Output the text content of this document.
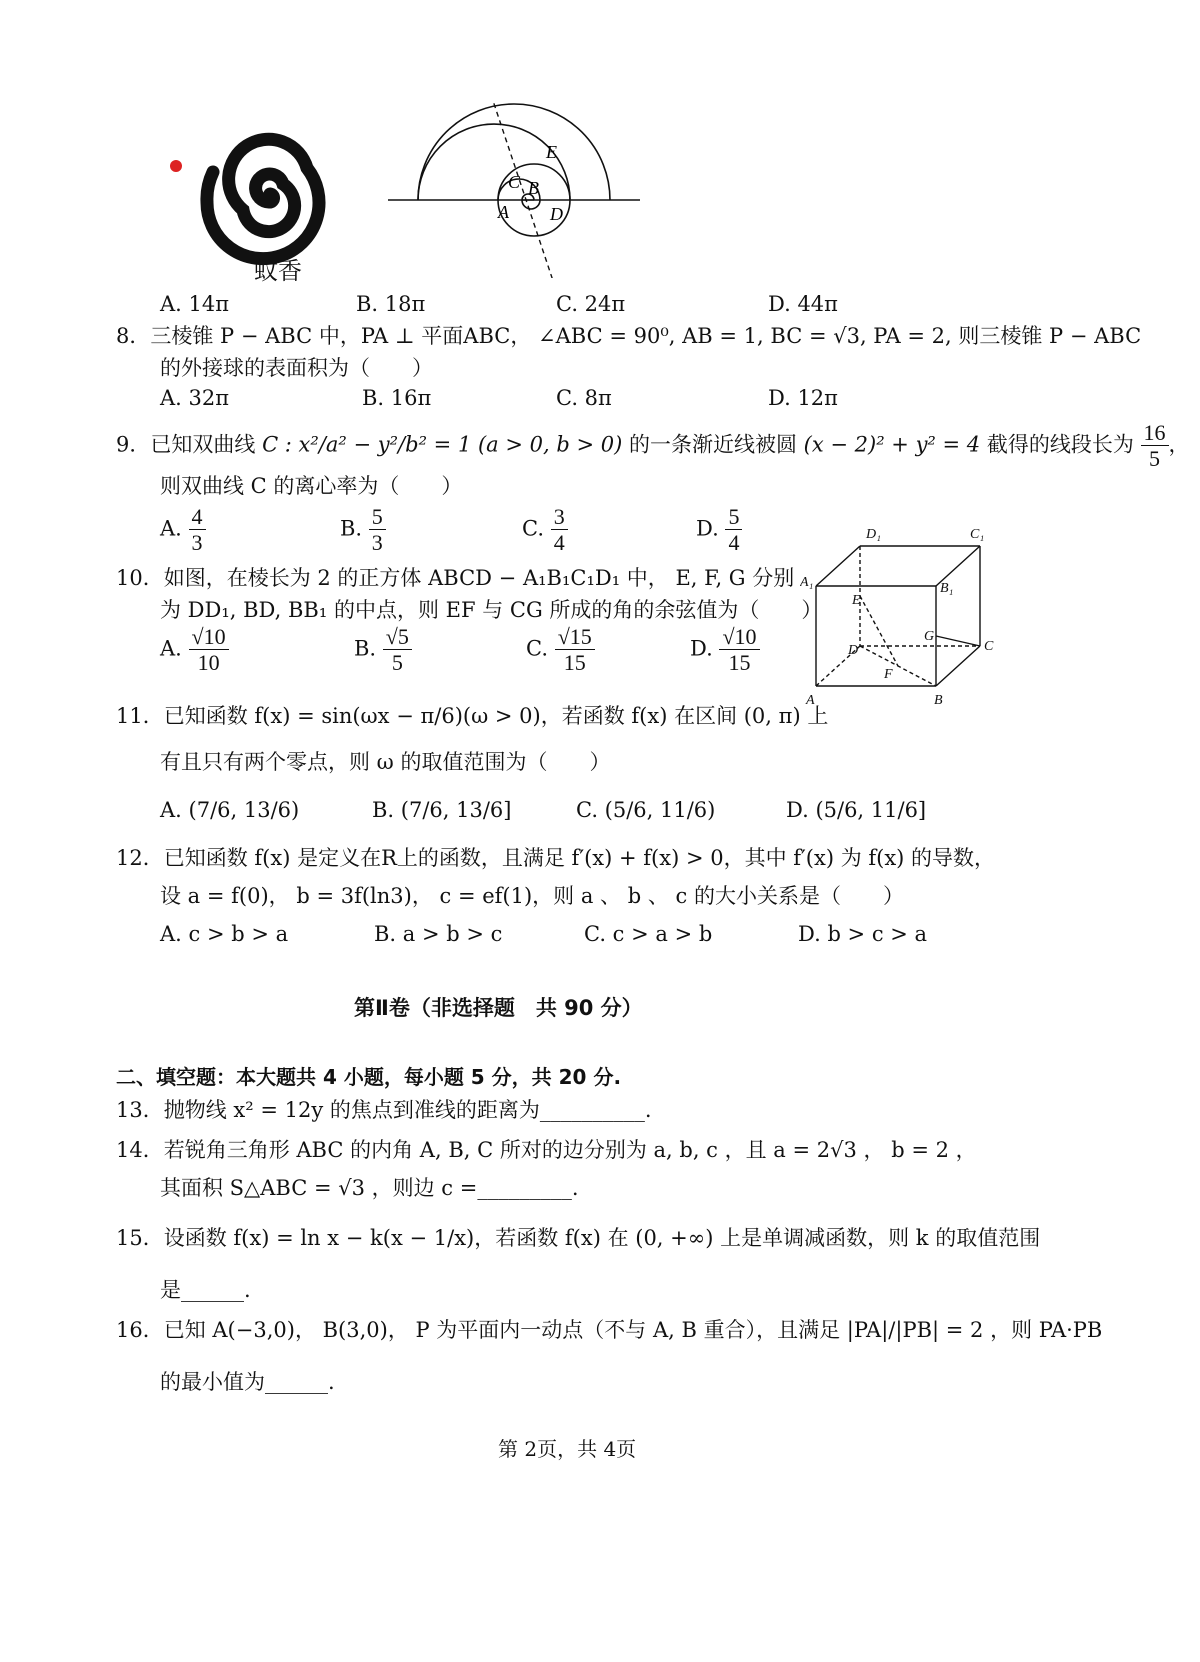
蚊香
E
C B
A D
A. 14π	B. 18π	C. 24π	D. 44π
8．三棱锥 P − ABC 中，PA ⊥ 平面ABC， ∠ABC = 90⁰, AB = 1, BC = √3, PA = 2, 则三棱锥 P − ABC
的外接球的表面积为（　　）
A. 32π	B. 16π	C. 8π	D. 12π
9．已知双曲线 C : x²/a² − y²/b² = 1 (a > 0, b > 0) 的一条渐近线被圆 (x − 2)² + y² = 4 截得的线段长为 $\frac{16}{5}$ ，
则双曲线 C 的离心率为（　　）
A. $\frac{4}{3}$	B. $\frac{5}{3}$	C. $\frac{3}{4}$	D. $\frac{5}{4}$	D₁	C₁
A₁	B₁
E
G
D	C
F
A	B
10．如图，在棱长为 2 的正方体 ABCD − A₁B₁C₁D₁ 中， E, F, G 分别
为 DD₁, BD, BB₁ 的中点，则 EF 与 CG 所成的角的余弦值为（　　）
A. $\frac{√10}{10}$	B. $\frac{√5}{5}$	C. $\frac{√15}{15}$	D. $\frac{√10}{15}$
11．已知函数 f(x) = sin(ωx − π/6)(ω > 0)，若函数 f(x) 在区间 (0, π) 上
有且只有两个零点，则 ω 的取值范围为（　　）
A. (7/6, 13/6)	B. (7/6, 13/6]	C. (5/6, 11/6)	D. (5/6, 11/6]
12．已知函数 f(x) 是定义在R上的函数，且满足 f′(x) + f(x) > 0，其中 f′(x) 为 f(x) 的导数，
设 a = f(0)， b = 3f(ln3)， c = ef(1)，则 a 、 b 、 c 的大小关系是（　　）
A. c > b > a	B. a > b > c	C. c > a > b	D. b > c > a
第Ⅱ卷（非选择题　共 90 分）
二、填空题：本大题共 4 小题，每小题 5 分，共 20 分.
13．抛物线 x² = 12y 的焦点到准线的距离为__________.
14．若锐角三角形 ABC 的内角 A, B, C 所对的边分别为 a, b, c ，且 a = 2√3 ， b = 2 ，
其面积 S△ABC = √3 ，则边 c =_________.
15．设函数 f(x) = ln x − k(x − 1/x)，若函数 f(x) 在 (0, +∞) 上是单调减函数，则 k 的取值范围
是______.
16．已知 A(−3,0)， B(3,0)， P 为平面内一动点（不与 A, B 重合），且满足 |PA|/|PB| = 2 ，则 PA·PB
的最小值为______.
第 2页，共 4页
